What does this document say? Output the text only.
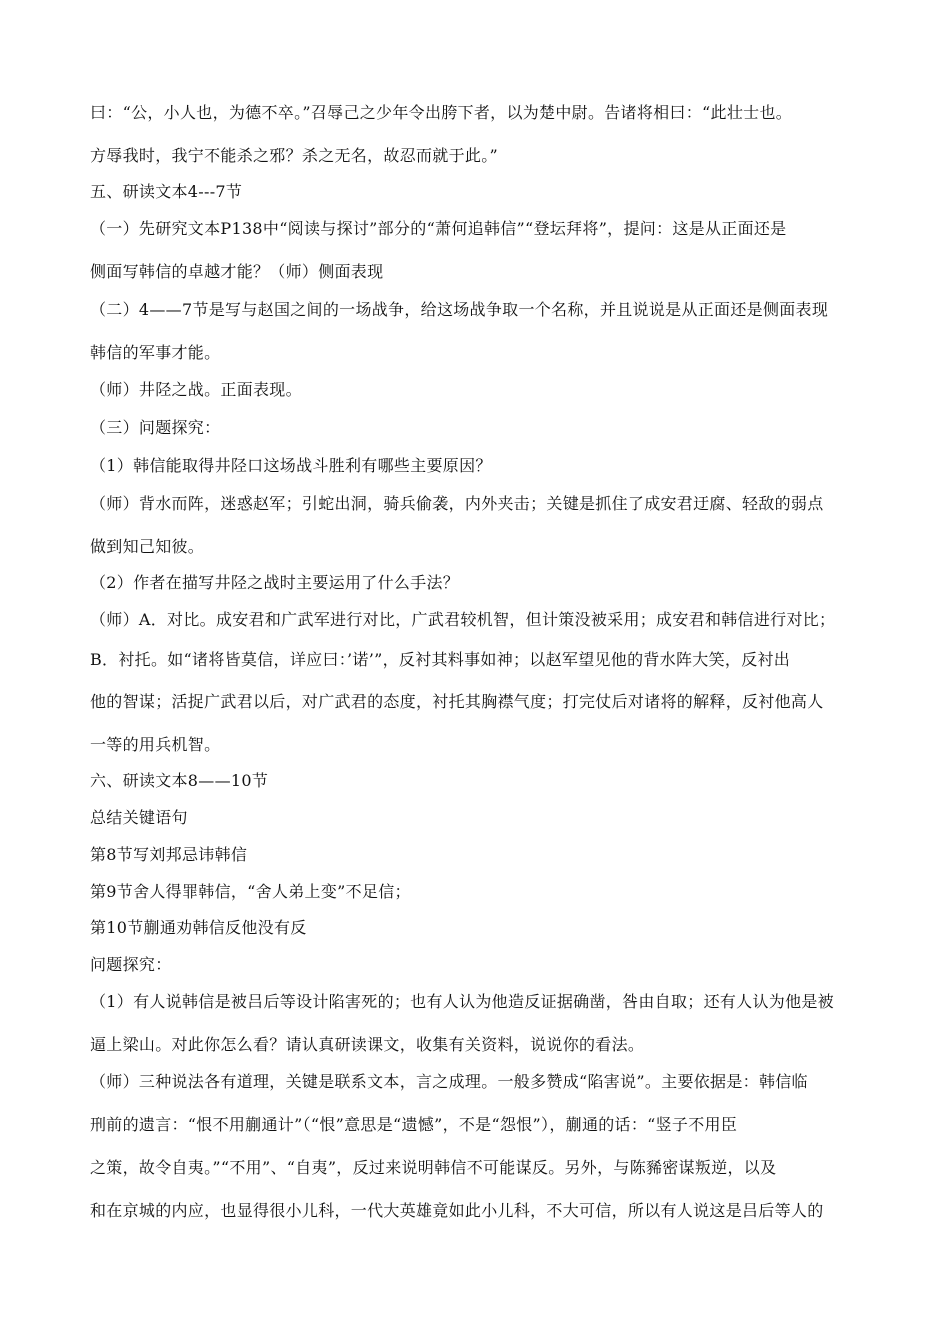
曰：“公，小人也，为德不卒。”召辱己之少年令出胯下者，以为楚中尉。告诸将相曰：“此壮士也。
方辱我时，我宁不能杀之邪？杀之无名，故忍而就于此。”
五、研读文本4---7节
（一）先研究文本P138中“阅读与探讨”部分的“萧何追韩信”“登坛拜将”，提问：这是从正面还是
侧面写韩信的卓越才能？（师）侧面表现
（二）4——7节是写与赵国之间的一场战争，给这场战争取一个名称，并且说说是从正面还是侧面表现
韩信的军事才能。
（师）井陉之战。正面表现。
（三）问题探究：
（1）韩信能取得井陉口这场战斗胜利有哪些主要原因？
（师）背水而阵，迷惑赵军；引蛇出洞，骑兵偷袭，内外夹击；关键是抓住了成安君迂腐、轻敌的弱点
做到知己知彼。
（2）作者在描写井陉之战时主要运用了什么手法？
（师）A．对比。成安君和广武军进行对比，广武君较机智，但计策没被采用；成安君和韩信进行对比；
B．衬托。如“诸将皆莫信，详应曰：’诺’”，反衬其料事如神；以赵军望见他的背水阵大笑，反衬出
他的智谋；活捉广武君以后，对广武君的态度，衬托其胸襟气度；打完仗后对诸将的解释，反衬他高人
一等的用兵机智。
六、研读文本8——10节
总结关键语句
第8节写刘邦忌讳韩信
第9节舍人得罪韩信，“舍人弟上变”不足信；
第10节蒯通劝韩信反他没有反
问题探究：
（1）有人说韩信是被吕后等设计陷害死的；也有人认为他造反证据确凿，咎由自取；还有人认为他是被
逼上梁山。对此你怎么看？请认真研读课文，收集有关资料，说说你的看法。
（师）三种说法各有道理，关键是联系文本，言之成理。一般多赞成“陷害说”。主要依据是：韩信临
刑前的遗言：“恨不用蒯通计”（“恨”意思是“遗憾”，不是“怨恨”），蒯通的话：“竖子不用臣
之策，故令自夷。”“不用”、“自夷”，反过来说明韩信不可能谋反。另外，与陈豨密谋叛逆，以及
和在京城的内应，也显得很小儿科，一代大英雄竟如此小儿科，不大可信，所以有人说这是吕后等人的
